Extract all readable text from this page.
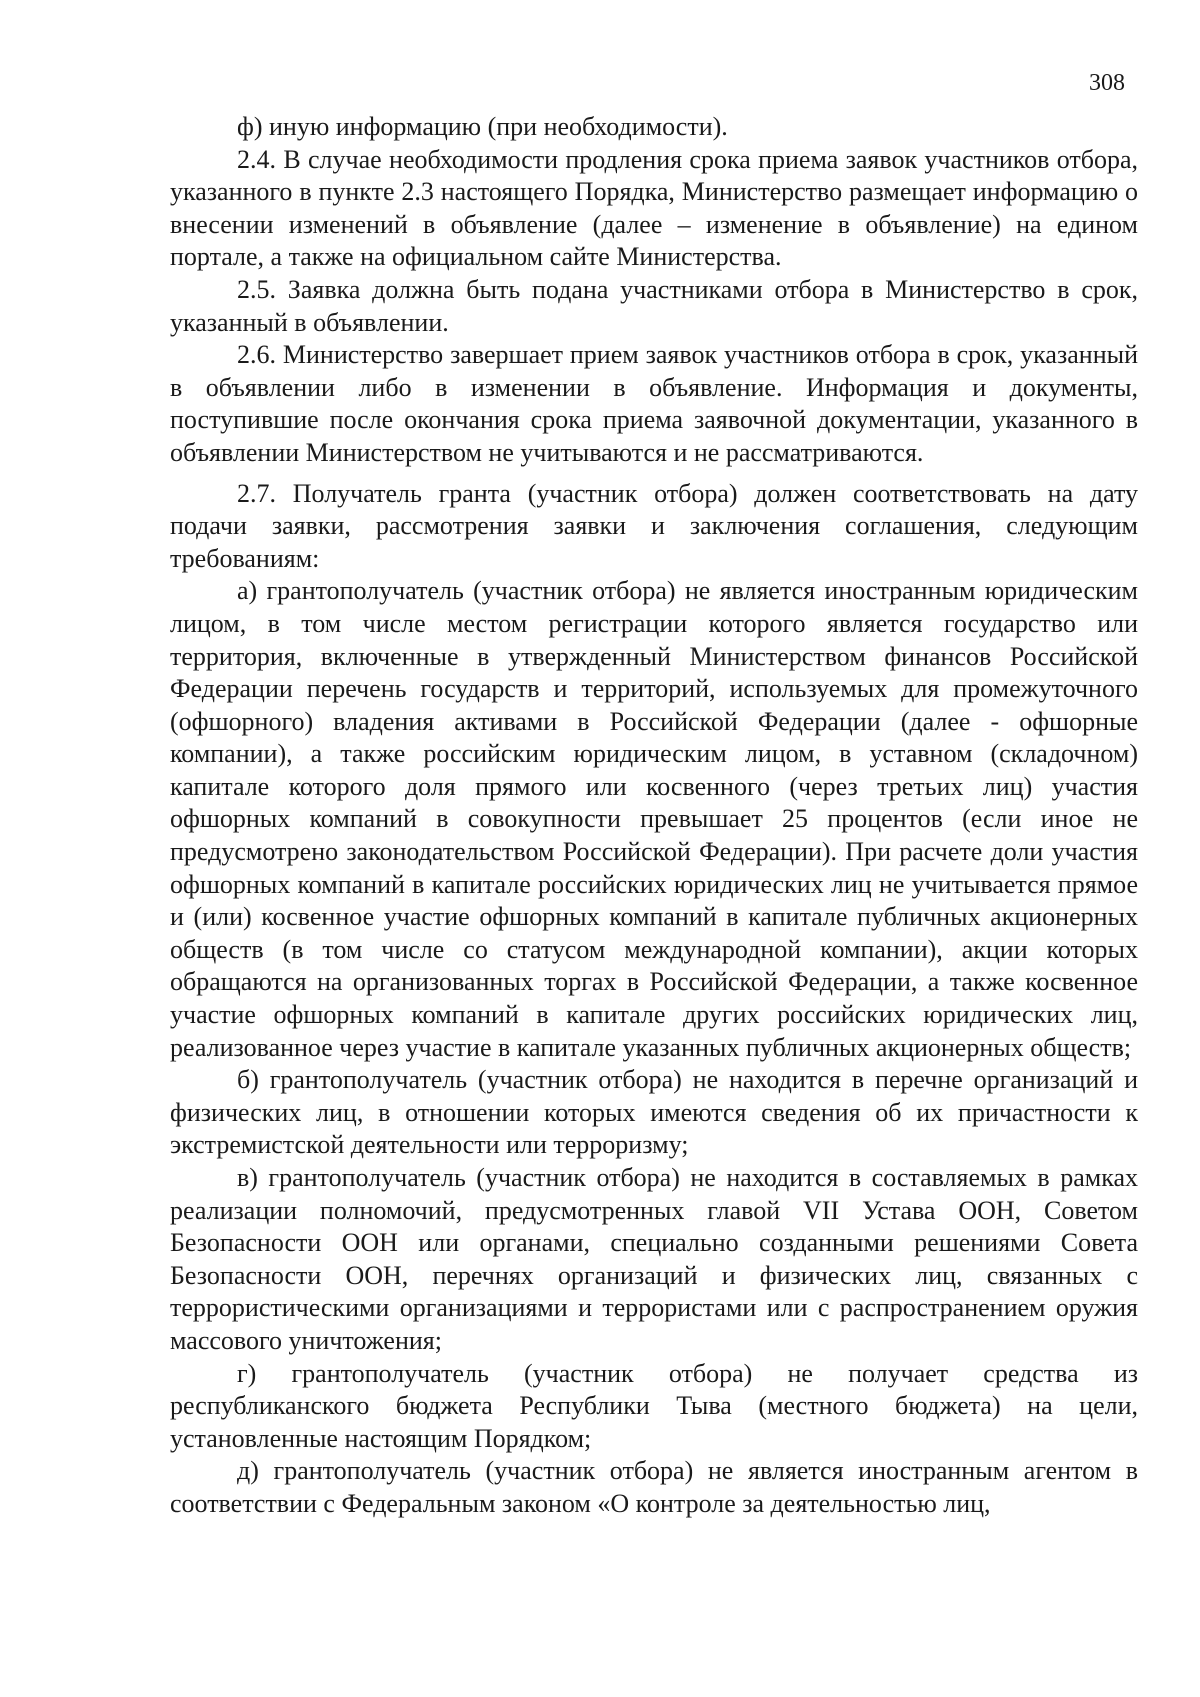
308

ф) иную информацию (при необходимости).

2.4. В случае необходимости продления срока приема заявок участников отбора, указанного в пункте 2.3 настоящего Порядка, Министерство размещает информацию о внесении изменений в объявление (далее – изменение в объявление) на едином портале, а также на официальном сайте Министерства.

2.5. Заявка должна быть подана участниками отбора в Министерство в срок, указанный в объявлении.

2.6. Министерство завершает прием заявок участников отбора в срок, указанный в объявлении либо в изменении в объявление. Информация и документы, поступившие после окончания срока приема заявочной документации, указанного в объявлении Министерством не учитываются и не рассматриваются.

2.7. Получатель гранта (участник отбора) должен соответствовать на дату подачи заявки, рассмотрения заявки и заключения соглашения, следующим требованиям:

а) грантополучатель (участник отбора) не является иностранным юридическим лицом, в том числе местом регистрации которого является государство или территория, включенные в утвержденный Министерством финансов Российской Федерации перечень государств и территорий, используемых для промежуточного (офшорного) владения активами в Российской Федерации (далее - офшорные компании), а также российским юридическим лицом, в уставном (складочном) капитале которого доля прямого или косвенного (через третьих лиц) участия офшорных компаний в совокупности превышает 25 процентов (если иное не предусмотрено законодательством Российской Федерации). При расчете доли участия офшорных компаний в капитале российских юридических лиц не учитывается прямое и (или) косвенное участие офшорных компаний в капитале публичных акционерных обществ (в том числе со статусом международной компании), акции которых обращаются на организованных торгах в Российской Федерации, а также косвенное участие офшорных компаний в капитале других российских юридических лиц, реализованное через участие в капитале указанных публичных акционерных обществ;

б) грантополучатель (участник отбора) не находится в перечне организаций и физических лиц, в отношении которых имеются сведения об их причастности к экстремистской деятельности или терроризму;

в) грантополучатель (участник отбора) не находится в составляемых в рамках реализации полномочий, предусмотренных главой VII Устава ООН, Советом Безопасности ООН или органами, специально созданными решениями Совета Безопасности ООН, перечнях организаций и физических лиц, связанных с террористическими организациями и террористами или с распространением оружия массового уничтожения;

г) грантополучатель (участник отбора) не получает средства из республиканского бюджета Республики Тыва (местного бюджета) на цели, установленные настоящим Порядком;

д) грантополучатель (участник отбора) не является иностранным агентом в соответствии с Федеральным законом «О контроле за деятельностью лиц,
